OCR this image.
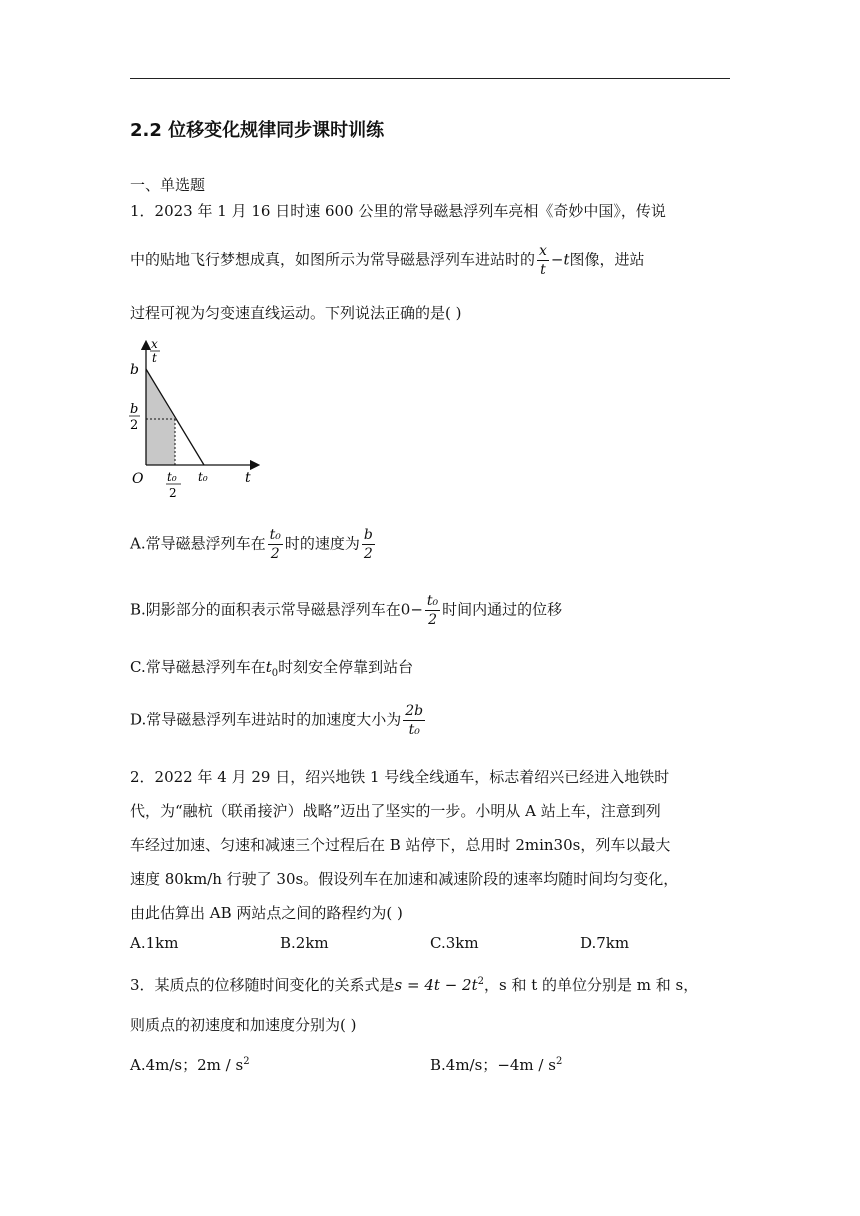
2.2 位移变化规律同步课时训练
一、单选题
1．2023 年 1 月 16 日时速 600 公里的常导磁悬浮列车亮相《奇妙中国》，传说
中的贴地飞行梦想成真，如图所示为常导磁悬浮列车进站时的 $\frac{x}{t} -t$图像，进站
过程可视为匀变速直线运动。下列说法正确的是( )
x
t
b
b
2
O t₀
2
t₀	t
A.常导磁悬浮列车在 $\frac{\text{t₀}}{2}$ 时的速度为 $\frac{b}{2}$
B.阴影部分的面积表示常导磁悬浮列车在$0- \frac{\text{t₀}}{2}$ 时间内通过的位移
C.常导磁悬浮列车在$t_0$时刻安全停靠到站台
D.常导磁悬浮列车进站时的加速度大小为 $\frac{2b}{\text{t₀}}$
2．2022 年 4 月 29 日，绍兴地铁 1 号线全线通车，标志着绍兴已经进入地铁时
代，为“融杭（联甬接沪）战略”迈出了坚实的一步。小明从 A 站上车，注意到列
车经过加速、匀速和减速三个过程后在 B 站停下，总用时 2min30s，列车以最大
速度 80km/h 行驶了 30s。假设列车在加速和减速阶段的速率均随时间均匀变化，
由此估算出 AB 两站点之间的路程约为( )
A.1km	B.2km	C.3km	D.7km
3．某质点的位移随时间变化的关系式是$s = 4t - 2t^2$，s 和 t 的单位分别是 m 和 s，
则质点的初速度和加速度分别为( )
A.4m/s；$2m / s^2$	B.4m/s；$-4m / s^2$
